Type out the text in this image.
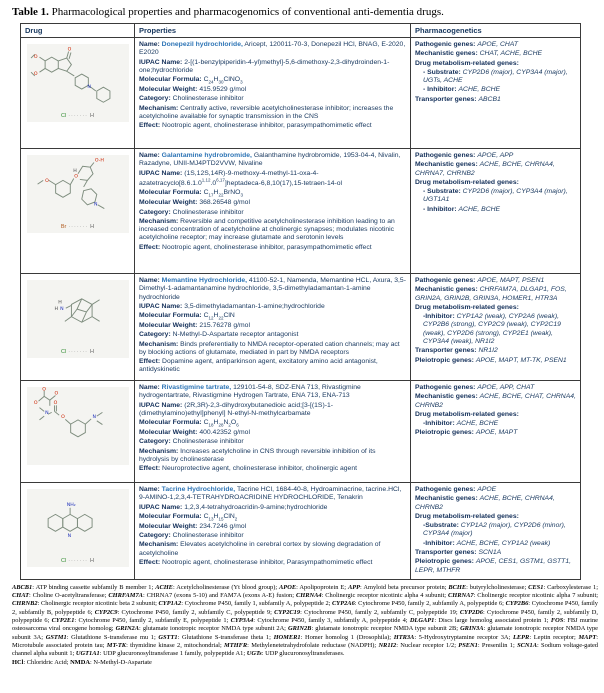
Table 1. Pharmacological properties and pharmacogenomics of conventional anti-dementia drugs.
Drug	Properties	Pharmacogenetics

O
O
O
N
Cl ······· H

Name: Donepezil hydrochloride, Aricept, 120011-70-3, Donepezil HCl, BNAG, E-2020, E2020
IUPAC Name: 2-[(1-benzylpiperidin-4-yl)methyl]-5,6-dimethoxy-2,3-dihydroinden-1-one;hydrochloride
Molecular Formula: $C_{24}H_{30}ClNO_3$
Molecular Weight: 415.9529 g/mol
Category: Cholinesterase inhibitor
Mechanism: Centrally active, reversible acetylcholinesterase inhibitor; increases the acetylcholine available for synaptic transmission in the CNS
Effect: Nootropic agent, cholinesterase inhibitor, parasympathomimetic effect

Pathogenic genes: APOE, CHAT
Mechanistic genes: CHAT, ACHE, BCHE
Drug metabolism-related genes:
- Substrate: CYP2D6 (major), CYP3A4 (major), UGTs, ACHE
- Inhibitor: ACHE, BCHE
Transporter genes: ABCB1

H
O
O
O-H
N
Br ······· H

Name: Galantamine hydrobromide, Galanthamine hydrobromide, 1953-04-4, Nivalin, Razadyne, UNII-MJ4PTD2VVW, Nivaline
IUPAC Name: (1S,12S,14R)-9-methoxy-4-methyl-11-oxa-4-azatetracyclo[8.6.1.0$^{1,12}$.0$^{6,17}$]heptadeca-6,8,10(17),15-tetraen-14-ol
Molecular Formula: $C_{17}H_{22}BrNO_3$
Molecular Weight: 368.26548 g/mol
Category: Cholinesterase inhibitor
Mechanism: Reversible and competitive acetylcholinesterase inhibition leading to an increased concentration of acetylcholine at cholinergic synapses; modulates nicotinic acetylcholine receptor; may increase glutamate and serotonin levels
Effect: Nootropic agent, cholinesterase inhibitor, parasympathomimetic effect

Pathogenic genes: APOE, APP
Mechanistic genes: ACHE, BCHE, CHRNA4, CHRNA7, CHRNB2
Drug metabolism-related genes:
- Substrate: CYP2D6 (major), CYP3A4 (major), UGT1A1
- Inhibitor: ACHE, BCHE

H
N
H
Cl ······· H

Name: Memantine Hydrochloride, 41100-52-1, Namenda, Memantine HCL, Axura, 3,5-Dimethyl-1-adamantanamine hydrochloride, 3,5-dimethyladamantan-1-amine hydrochloride
IUPAC Name: 3,5-dimethyladamantan-1-amine;hydrochloride
Molecular Formula: $C_{12}H_{22}ClN$
Molecular Weight: 215.76278 g/mol
Category: N-Methyl-D-Aspartate receptor antagonist
Mechanism: Binds preferentially to NMDA receptor-operated cation channels; may act by blocking actions of glutamate, mediated in part by NMDA receptors
Effect: Dopamine agent, antiparkinson agent, excitatory amino acid antagonist, antidyskinetic

Pathogenic genes: APOE, MAPT, PSEN1
Mechanistic genes: CHRFAM7A, DLGAP1, FOS, GRIN2A, GRIN2B, GRIN3A, HOMER1, HTR3A
Drug metabolism-related genes:
-Inhibitor: CYP1A2 (weak), CYP2A6 (weak), CYP2B6 (strong), CYP2C9 (weak), CYP2C19 (weak), CYP2D6 (strong), CYP2E1 (weak), CYP3A4 (weak), NR1I2
Transporter genes: NR1I2
Pleiotropic genes: APOE, MAPT, MT-TK, PSEN1

O
O
O
O
O
N
N

Name: Rivastigmine tartrate, 129101-54-8, SDZ-ENA 713, Rivastigmine hydrogentartrate, Rivastigmine Hydrogen Tartrate, ENA 713, ENA-713
IUPAC Name: (2R,3R)-2,3-dihydroxybutanedioic acid;[3-[(1S)-1-(dimethylamino)ethyl]phenyl] N-ethyl-N-methylcarbamate
Molecular Formula: $C_{18}H_{28}N_2O_6$
Molecular Weight: 400.42352 g/mol
Category: Cholinesterase inhibitor
Mechanism: Increases acetylcholine in CNS through reversible inhibition of its hydrolysis by cholinesterase
Effect: Neuroprotective agent, cholinesterase inhibitor, cholinergic agent

Pathogenic genes: APOE, APP, CHAT
Mechanistic genes: ACHE, BCHE, CHAT, CHRNA4, CHRNB2
Drug metabolism-related genes:
-Inhibitor: ACHE, BCHE
Pleiotropic genes: APOE, MAPT

NH₂
N
Cl ······· H

Name: Tacrine Hydrochloride, Tacrine HCl, 1684-40-8, Hydroaminacrine, tacrine.HCl, 9-AMINO-1,2,3,4-TETRAHYDROACRIDINE HYDROCHLORIDE, Tenakrin
IUPAC Name: 1,2,3,4-tetrahydroacridin-9-amine;hydrochloride
Molecular Formula: $C_{13}H_{15}ClN_2$
Molecular Weight: 234.7246 g/mol
Category: Cholinesterase inhibitor
Mechanism: Elevates acetylcholine in cerebral cortex by slowing degradation of acetylcholine
Effect: Nootropic agent, cholinesterase inhibitor, Parasympathomimetic effect

Pathogenic genes: APOE
Mechanistic genes: ACHE, BCHE, CHRNA4, CHRNB2
Drug metabolism-related genes:
-Substrate: CYP1A2 (major), CYP2D6 (minor), CYP3A4 (major)
-Inhibitor: ACHE, BCHE, CYP1A2 (weak)
Transporter genes: SCN1A
Pleiotropic genes: APOE, CES1, GSTM1, GSTT1, LEPR, MTHFR
ABCB1: ATP binding cassette subfamily B member 1; ACHE: Acetylcholinesterase (Yt blood group); APOE: Apolipoprotein E; APP: Amyloid beta precursor protein; BCHE: butyrylcholinesterase; CES1: Carboxylesterase 1; CHAT: Choline O-acetyltransferase; CHRFAM7A: CHRNA7 (exons 5-10) and FAM7A (exons A-E) fusion; CHRNA4: Cholinergic receptor nicotinic alpha 4 subunit; CHRNA7: Cholinergic receptor nicotinic alpha 7 subunit; CHRNB2: Cholinergic receptor nicotinic beta 2 subunit; CYP1A2: Cytochrome P450, family 1, subfamily A, polypeptide 2; CYP2A6: Cytochrome P450, family 2, subfamily A, polypeptide 6; CYP2B6: Cytochrome P450, family 2, subfamily B, polypeptide 6; CYP2C9: Cytochrome P450, family 2, subfamily C, polypeptide 9; CYP2C19: Cytochrome P450, family 2, subfamily C, polypeptide 19; CYP2D6: Cytochrome P450, family 2, subfamily D, polypeptide 6; CYP2E1: Cytochrome P450, family 2, subfamily E, polypeptide 1; CYP3A4: Cytochrome P450, family 3, subfamily A, polypeptide 4; DLGAP1: Discs large homolog associated protein 1; FOS: FBJ murine osteosarcoma viral oncogene homolog; GRIN2A: glutamate ionotropic receptor NMDA type subunit 2A; GRIN2B: glutamate ionotropic receptor NMDA type subunit 2B; GRIN3A: glutamate ionotropic receptor NMDA type subunit 3A; GSTM1: Glutathione S-transferase mu 1; GSTT1: Glutathione S-transferase theta 1; HOMER1: Homer homolog 1 (Drosophila); HTR3A: 5-Hydroxytryptamine receptor 3A; LEPR: Leptin receptor; MAPT: Microtubule associated protein tau; MT-TK: thymidine kinase 2, mitochondrial; MTHFR: Methylenetetrahydrofolate reductase (NADPH); NR1I2: Nuclear receptor 1/2; PSEN1: Presenilin 1; SCN1A: Sodium voltage-gated channel alpha subunit 1; UGT1A1: UDP glucuronosyltransferase 1 family, polypeptide A1; UGTs: UDP glucuronosyltransferases.
HCl: Chloridric Acid; NMDA: N-Methyl-D-Aspartate
